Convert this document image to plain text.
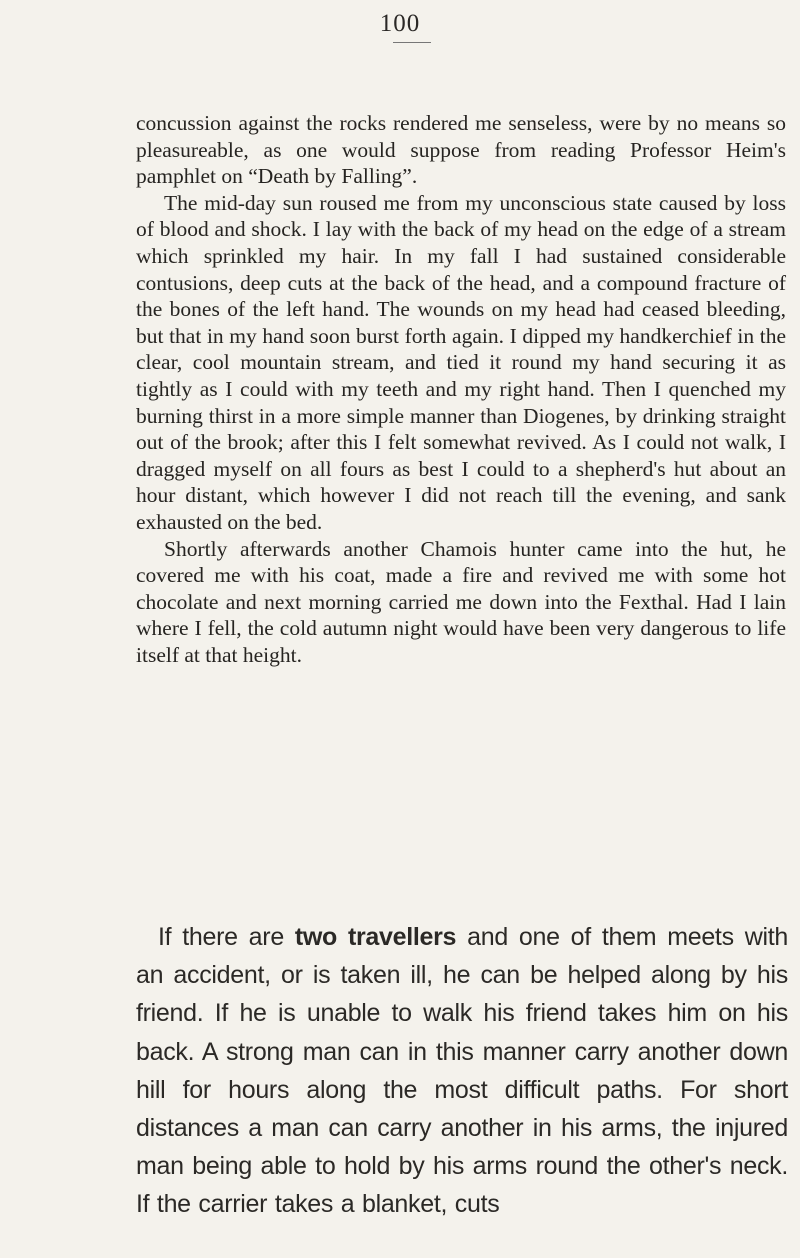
100

concussion against the rocks rendered me senseless, were by no means so pleasureable, as one would suppose from reading Professor Heim's pamphlet on “Death by Falling”.

The mid-day sun roused me from my unconscious state caused by loss of blood and shock. I lay with the back of my head on the edge of a stream which sprinkled my hair. In my fall I had sustained considerable contusions, deep cuts at the back of the head, and a compound fracture of the bones of the left hand. The wounds on my head had ceased bleeding, but that in my hand soon burst forth again. I dipped my handkerchief in the clear, cool mountain stream, and tied it round my hand securing it as tightly as I could with my teeth and my right hand. Then I quenched my burning thirst in a more simple manner than Diogenes, by drinking straight out of the brook; after this I felt somewhat revived. As I could not walk, I dragged myself on all fours as best I could to a shepherd's hut about an hour distant, which however I did not reach till the evening, and sank exhausted on the bed.

Shortly afterwards another Chamois hunter came into the hut, he covered me with his coat, made a fire and revived me with some hot chocolate and next morning carried me down into the Fexthal. Had I lain where I fell, the cold autumn night would have been very dangerous to life itself at that height.

If there are two travellers and one of them meets with an accident, or is taken ill, he can be helped along by his friend. If he is unable to walk his friend takes him on his back. A strong man can in this manner carry another down hill for hours along the most difficult paths. For short distances a man can carry another in his arms, the injured man being able to hold by his arms round the other's neck. If the carrier takes a blanket, cuts
